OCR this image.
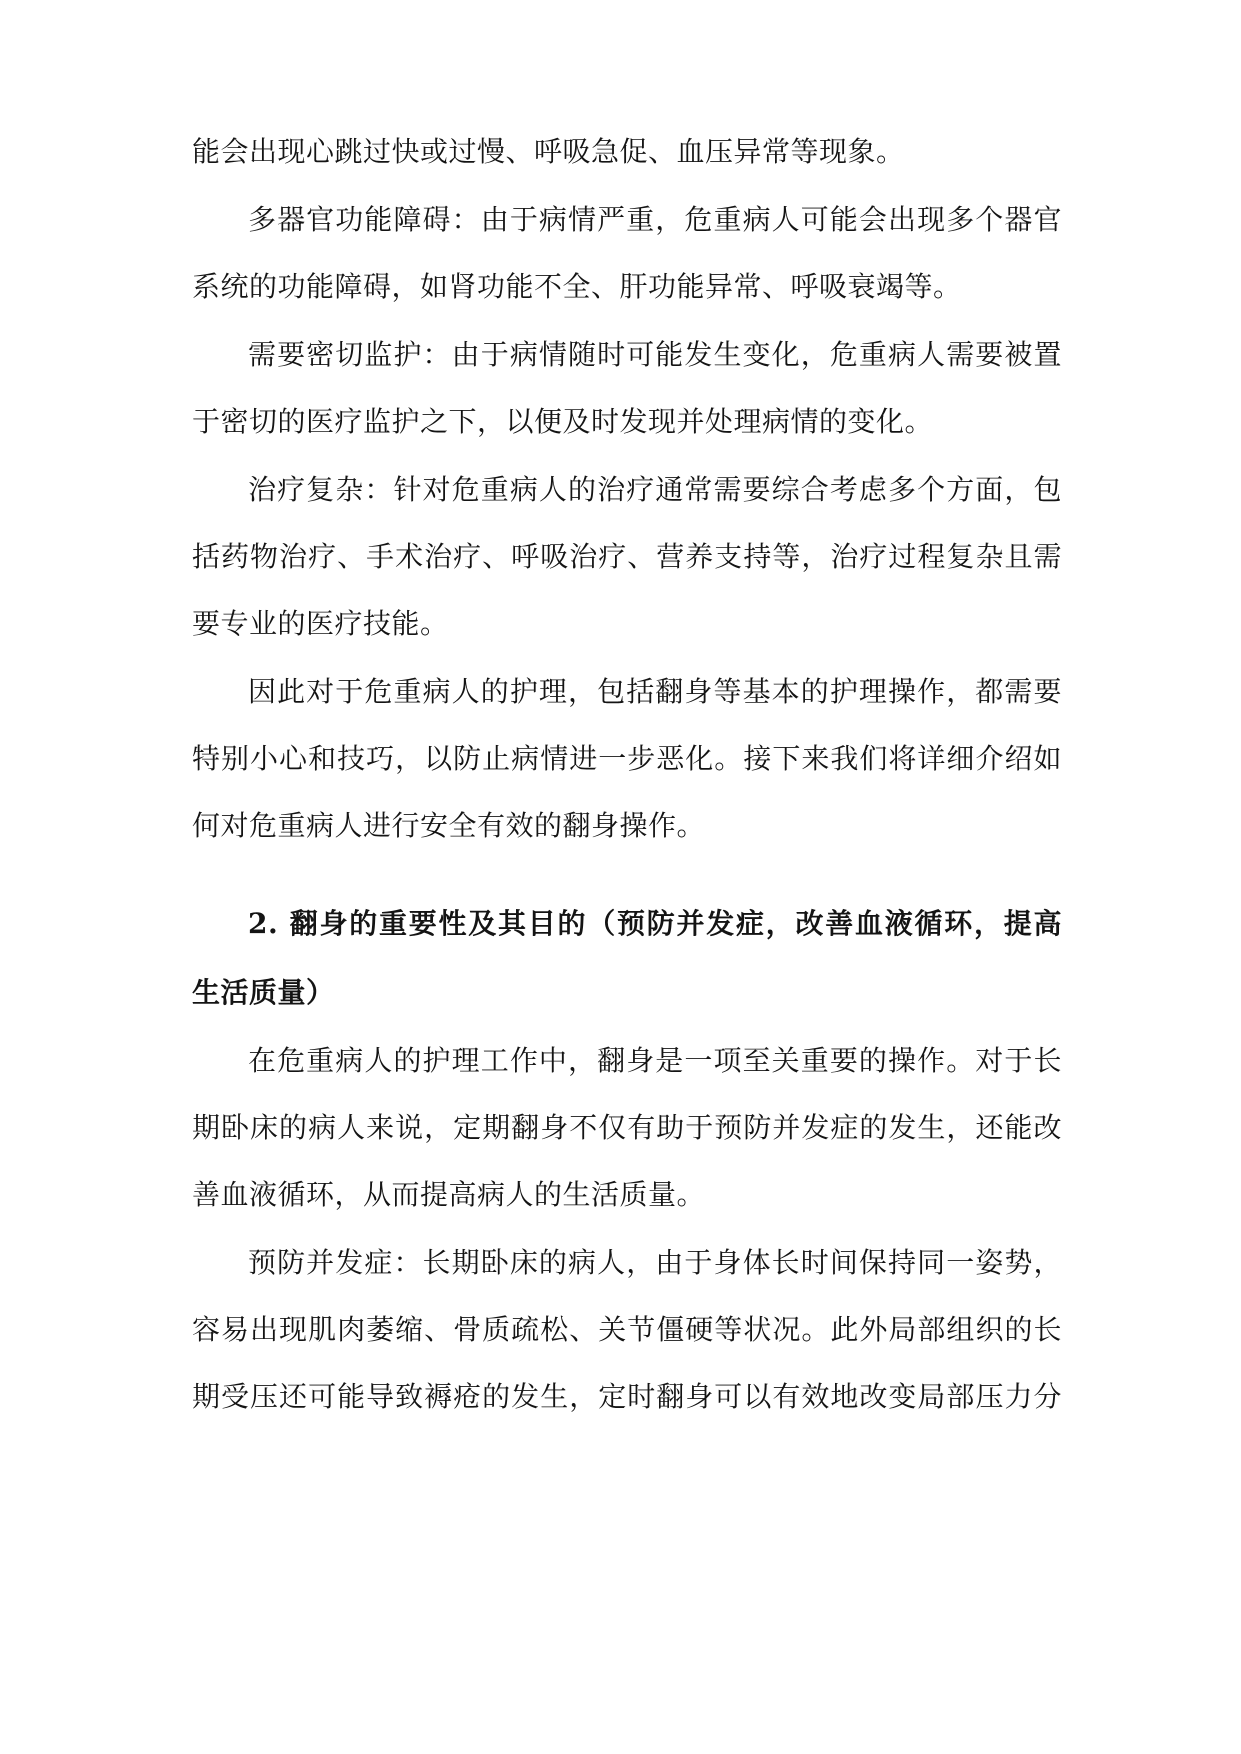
能会出现心跳过快或过慢、呼吸急促、血压异常等现象。
多器官功能障碍：由于病情严重，危重病人可能会出现多个器官
系统的功能障碍，如肾功能不全、肝功能异常、呼吸衰竭等。
需要密切监护：由于病情随时可能发生变化，危重病人需要被置
于密切的医疗监护之下，以便及时发现并处理病情的变化。
治疗复杂：针对危重病人的治疗通常需要综合考虑多个方面，包
括药物治疗、手术治疗、呼吸治疗、营养支持等，治疗过程复杂且需
要专业的医疗技能。
因此对于危重病人的护理，包括翻身等基本的护理操作，都需要
特别小心和技巧，以防止病情进一步恶化。接下来我们将详细介绍如
何对危重病人进行安全有效的翻身操作。
2. 翻身的重要性及其目的（预防并发症，改善血液循环，提高
生活质量）
在危重病人的护理工作中，翻身是一项至关重要的操作。对于长
期卧床的病人来说，定期翻身不仅有助于预防并发症的发生，还能改
善血液循环，从而提高病人的生活质量。
预防并发症：长期卧床的病人，由于身体长时间保持同一姿势，
容易出现肌肉萎缩、骨质疏松、关节僵硬等状况。此外局部组织的长
期受压还可能导致褥疮的发生，定时翻身可以有效地改变局部压力分
